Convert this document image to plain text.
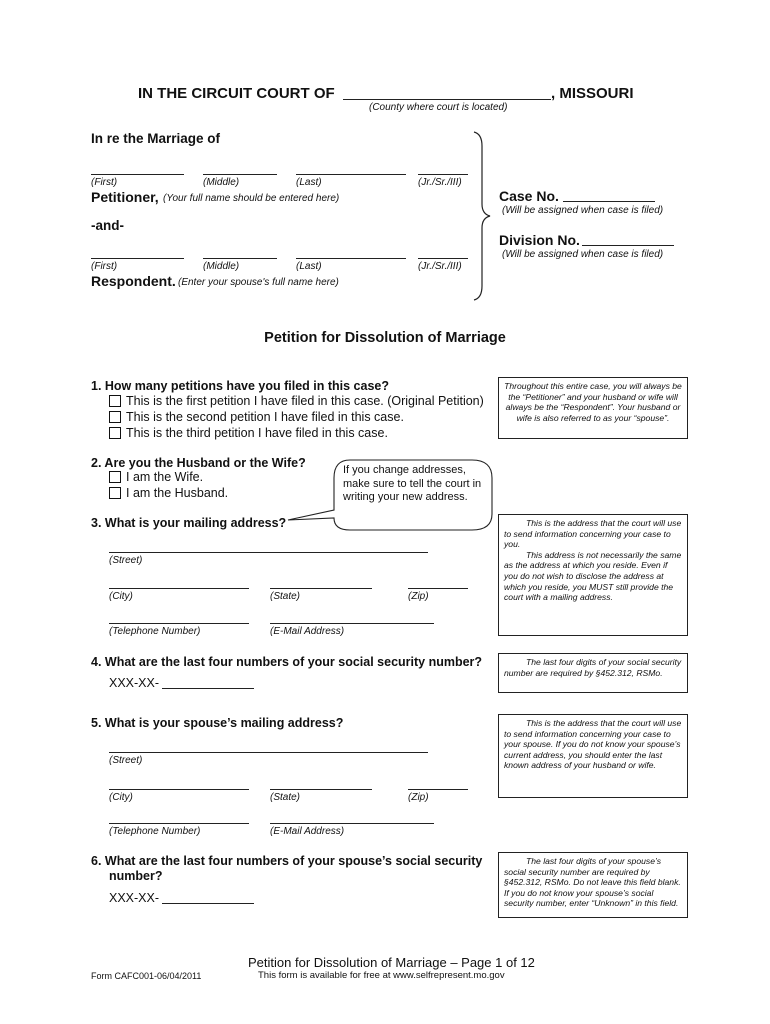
IN THE CIRCUIT COURT OF	, MISSOURI
(County where court is located)
In re the Marriage of
(First)	(Middle)	(Last)	(Jr./Sr./III)
Petitioner, (Your full name should be entered here)
-and-
(First)	(Middle)	(Last)	(Jr./Sr./III)
Respondent. (Enter your spouse's full name here)
Case No.
(Will be assigned when case is filed)
Division No.
(Will be assigned when case is filed)
Petition for Dissolution of Marriage
1. How many petitions have you filed in this case?
This is the first petition I have filed in this case. (Original Petition)
This is the second petition I have filed in this case.
This is the third petition I have filed in this case.

Throughout this entire case, you will always be the “Petitioner” and your husband or wife will always be the “Respondent”. Your husband or wife is also referred to as your “spouse”.

2. Are you the Husband or the Wife?
I am the Wife.
I am the Husband.
If you change addresses, make sure to tell the court in writing your new address.
3. What is your mailing address?
(Street)
(City)	(State)	(Zip)
(Telephone Number)	(E-Mail Address)

This is the address that the court will use to send information concerning your case to you.

This address is not necessarily the same as the address at which you reside. Even if you do not wish to disclose the address at which you reside, you MUST still provide the court with a mailing address.

4. What are the last four numbers of your social security number?
XXX-XX-

The last four digits of your social security number are required by §452.312, RSMo.

5. What is your spouse’s mailing address?
(Street)
(City)	(State)	(Zip)
(Telephone Number)	(E-Mail Address)

This is the address that the court will use to send information concerning your case to your spouse. If you do not know your spouse’s current address, you should enter the last known address of your husband or wife.

6. What are the last four numbers of your spouse’s social security
number?
XXX-XX-

The last four digits of your spouse’s social security number are required by §452.312, RSMo. Do not leave this field blank. If you do not know your spouse’s social security number, enter “Unknown” in this field.

Petition for Dissolution of Marriage – Page 1 of 12
Form CAFC001-06/04/2011	This form is available for free at www.selfrepresent.mo.gov
